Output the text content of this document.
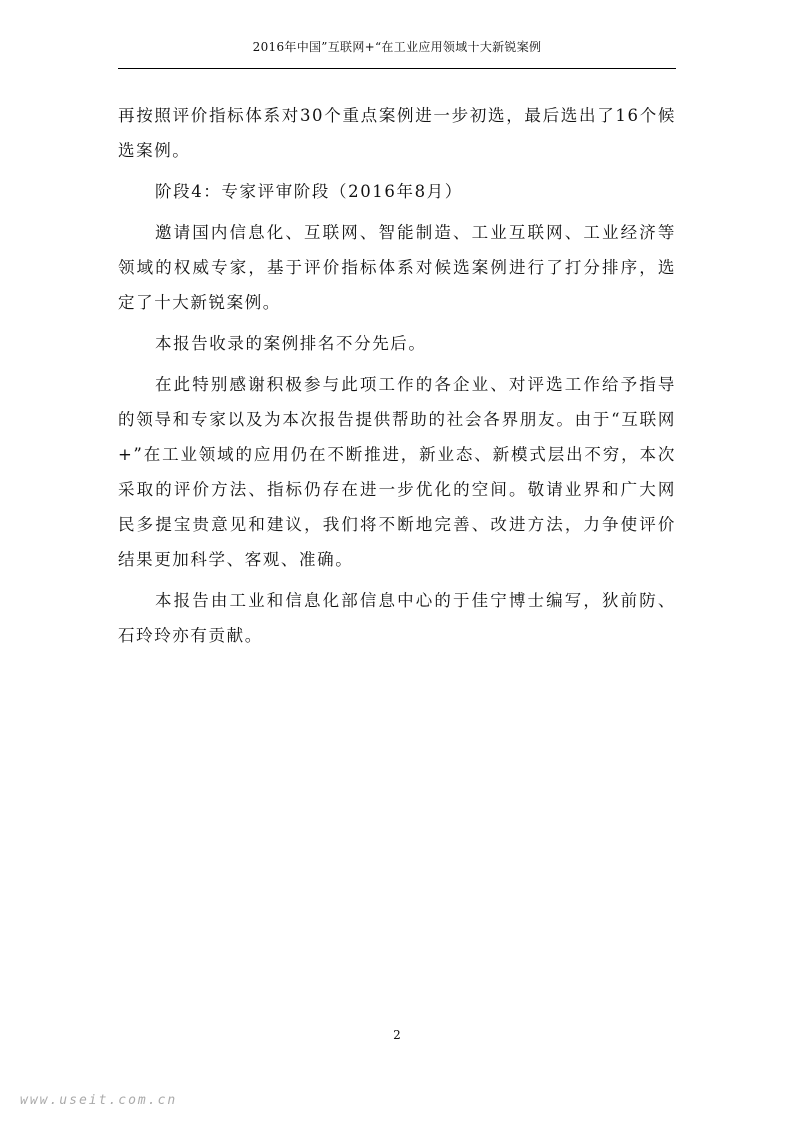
2016年中国”互联网+“在工业应用领域十大新锐案例

再按照评价指标体系对30个重点案例进一步初选，最后选出了16个候选案例。

阶段4：专家评审阶段（2016年8月）

邀请国内信息化、互联网、智能制造、工业互联网、工业经济等领域的权威专家，基于评价指标体系对候选案例进行了打分排序，选定了十大新锐案例。

本报告收录的案例排名不分先后。

在此特别感谢积极参与此项工作的各企业、对评选工作给予指导的领导和专家以及为本次报告提供帮助的社会各界朋友。由于“互联网+”在工业领域的应用仍在不断推进，新业态、新模式层出不穷，本次采取的评价方法、指标仍存在进一步优化的空间。敬请业界和广大网民多提宝贵意见和建议，我们将不断地完善、改进方法，力争使评价结果更加科学、客观、准确。

本报告由工业和信息化部信息中心的于佳宁博士编写，狄前防、石玲玲亦有贡献。

2
www.useit.com.cn
